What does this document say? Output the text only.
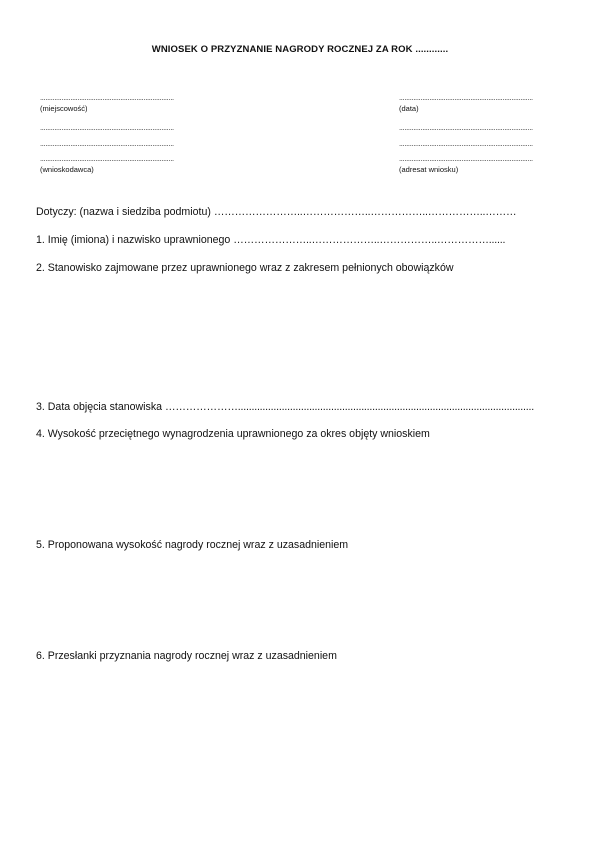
WNIOSEK O PRZYZNANIE NAGRODY ROCZNEJ ZA ROK ............
...........................................................................
(miejscowość)
...........................................................................
...........................................................................
...........................................................................
(wnioskodawca)
...........................................................................
(data)
...........................................................................
...........................................................................
...........................................................................
(adresat wniosku)
Dotyczy: (nazwa i siedziba podmiotu) ……………………..………………..……………..……………..………
1. Imię (imiona) i nazwisko uprawnionego …………………..………………..……………..……………......
2. Stanowisko zajmowane przez uprawnionego wraz z zakresem pełnionych obowiązków
3. Data objęcia stanowiska …………………............................................................................................................
4. Wysokość przeciętnego wynagrodzenia uprawnionego za okres objęty wnioskiem
5. Proponowana wysokość nagrody rocznej wraz z uzasadnieniem
6. Przesłanki przyznania nagrody rocznej wraz z uzasadnieniem
